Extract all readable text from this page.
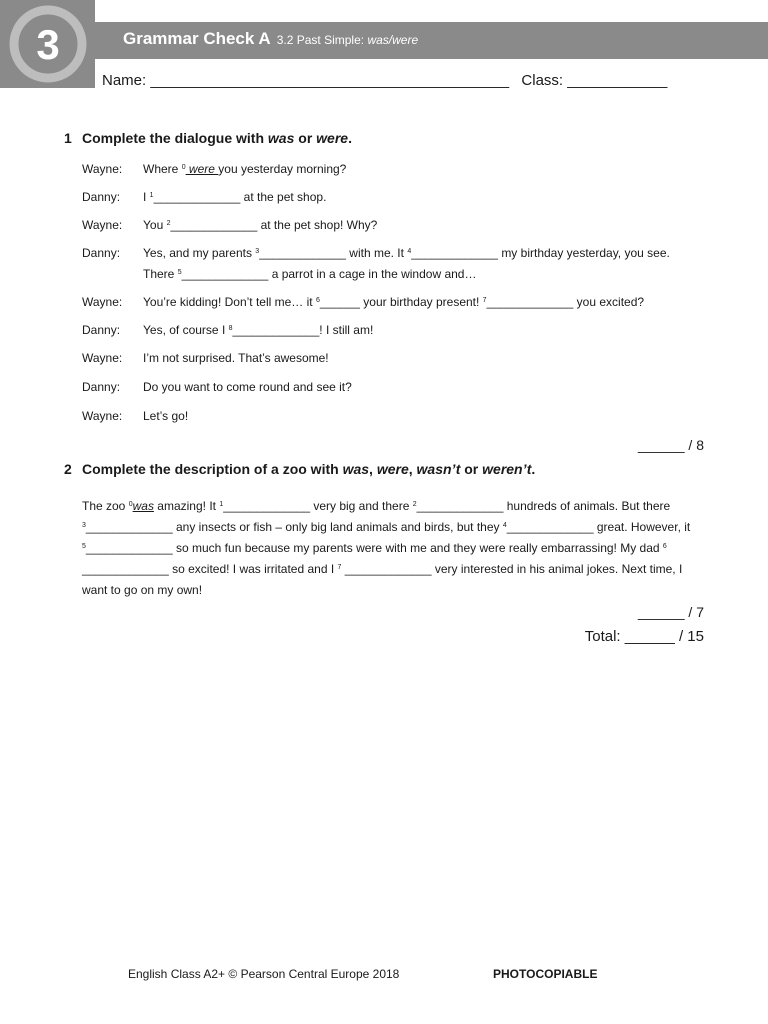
3	Grammar Check A 3.2 Past Simple: was/were
Name: ___________________________________________ Class: ____________
1 Complete the dialogue with was or were.
Wayne: Where $^0$ were you yesterday morning?
Danny: I $^1$_____________ at the pet shop.
Wayne: You $^2$_____________ at the pet shop! Why?
Danny: Yes, and my parents $^3$_____________ with me. It $^4$_____________ my birthday yesterday, you see. There $^5$_____________ a parrot in a cage in the window and…
Wayne: You’re kidding! Don’t tell me… it $^6$______ your birthday present! $^7$_____________ you excited?
Danny: Yes, of course I $^8$_____________! I still am!
Wayne: I’m not surprised. That’s awesome!
Danny: Do you want to come round and see it?
Wayne: Let’s go!
______ / 8
2 Complete the description of a zoo with was, were, wasn’t or weren’t.
The zoo $^0$was amazing! It $^1$_____________ very big and there $^2$_____________ hundreds of animals. But there $^3$_____________ any insects or fish – only big land animals and birds, but they $^4$_____________ great. However, it $^5$_____________ so much fun because my parents were with me and they were really embarrassing! My dad $^6$ _____________ so excited! I was irritated and I $^7$ _____________ very interested in his animal jokes. Next time, I want to go on my own!
______ / 7
Total: ______ / 15
English Class A2+ © Pearson Central Europe 2018	PHOTOCOPIABLE
